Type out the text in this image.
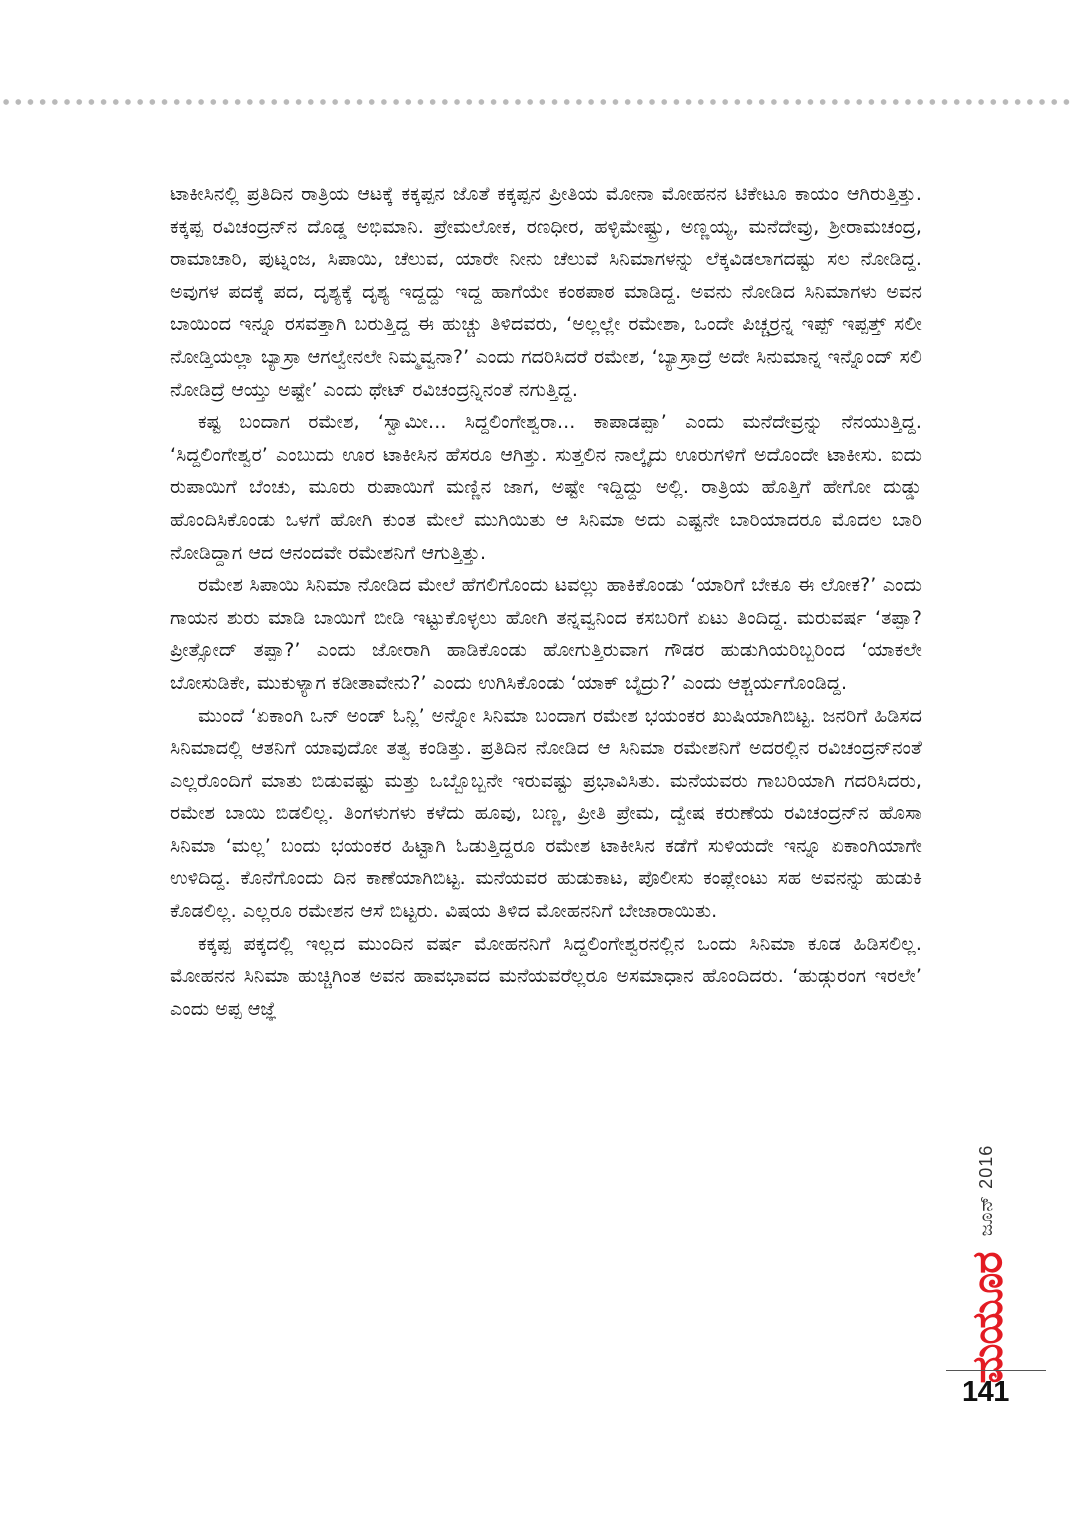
ಟಾಕೀಸಿನಲ್ಲಿ ಪ್ರತಿದಿನ ರಾತ್ರಿಯ ಆಟಕ್ಕೆ ಕಕ್ಕಪ್ಪನ ಜೊತೆ ಕಕ್ಕಪ್ಪನ ಪ್ರೀತಿಯ ಮೋನಾ ಮೋಹನನ ಟಿಕೇಟೂ ಕಾಯಂ ಆಗಿರುತ್ತಿತ್ತು. ಕಕ್ಕಪ್ಪ ರವಿಚಂದ್ರನ್‌ನ ದೊಡ್ಡ ಅಭಿಮಾನಿ. ಪ್ರೇಮಲೋಕ, ರಣಧೀರ, ಹಳ್ಳಿಮೇಷ್ಟ್ರು, ಅಣ್ಣಯ್ಯ, ಮನೆದೇವ್ರು, ಶ್ರೀರಾಮಚಂದ್ರ, ರಾಮಾಚಾರಿ, ಪುಟ್ನಂಜ, ಸಿಪಾಯಿ, ಚೆಲುವ, ಯಾರೇ ನೀನು ಚೆಲುವೆ ಸಿನಿಮಾಗಳನ್ನು ಲೆಕ್ಕವಿಡಲಾಗದಷ್ಟು ಸಲ ನೋಡಿದ್ದ. ಅವುಗಳ ಪದಕ್ಕೆ ಪದ, ದೃಶ್ಯಕ್ಕೆ ದೃಶ್ಯ ಇದ್ದದ್ದು ಇದ್ದ ಹಾಗೆಯೇ ಕಂಠಪಾಠ ಮಾಡಿದ್ದ. ಅವನು ನೋಡಿದ ಸಿನಿಮಾಗಳು ಅವನ ಬಾಯಿಂದ ಇನ್ನೂ ರಸವತ್ತಾಗಿ ಬರುತ್ತಿದ್ದ ಈ ಹುಚ್ಚು ತಿಳಿದವರು, ‘ಅಲ್ಲಲ್ಲೇ ರಮೇಶಾ, ಒಂದೇ ಪಿಚ್ಚರ್ರನ್ನ ಇಪ್ಪ್ ಇಪ್ಪತ್ತ್ ಸಲೀ ನೋಡ್ತಿಯಲ್ಲಾ ಬ್ಯಾಸ್ರಾ ಆಗಲ್ವೇನಲೇ ನಿಮ್ಮವ್ವನಾ?’ ಎಂದು ಗದರಿಸಿದರೆ ರಮೇಶ, ‘ಬ್ಯಾಸ್ರಾದ್ರೆ ಅದೇ ಸಿನುಮಾನ್ನ ಇನ್ನೊಂದ್ ಸಲಿ ನೋಡಿದ್ರೆ ಆಯ್ತು ಅಷ್ಟೇ’ ಎಂದು ಥೇಟ್ ರವಿಚಂದ್ರನ್ನಿನಂತೆ ನಗುತ್ತಿದ್ದ.

ಕಷ್ಟ ಬಂದಾಗ ರಮೇಶ, ‘ಸ್ವಾಮೀ... ಸಿದ್ದಲಿಂಗೇಶ್ವರಾ... ಕಾಪಾಡಪ್ಪಾ’ ಎಂದು ಮನೆದೇವ್ರನ್ನು ನೆನಯುತ್ತಿದ್ದ. ‘ಸಿದ್ದಲಿಂಗೇಶ್ವರ’ ಎಂಬುದು ಊರ ಟಾಕೀಸಿನ ಹೆಸರೂ ಆಗಿತ್ತು. ಸುತ್ತಲಿನ ನಾಲ್ಕೈದು ಊರುಗಳಿಗೆ ಅದೊಂದೇ ಟಾಕೀಸು. ಐದು ರುಪಾಯಿಗೆ ಬೆಂಚು, ಮೂರು ರುಪಾಯಿಗೆ ಮಣ್ಣಿನ ಜಾಗ, ಅಷ್ಟೇ ಇದ್ದಿದ್ದು ಅಲ್ಲಿ. ರಾತ್ರಿಯ ಹೊತ್ತಿಗೆ ಹೇಗೋ ದುಡ್ಡು ಹೊಂದಿಸಿಕೊಂಡು ಒಳಗೆ ಹೋಗಿ ಕುಂತ ಮೇಲೆ ಮುಗಿಯಿತು ಆ ಸಿನಿಮಾ ಅದು ಎಷ್ಟನೇ ಬಾರಿಯಾದರೂ ಮೊದಲ ಬಾರಿ ನೋಡಿದ್ದಾಗ ಆದ ಆನಂದವೇ ರಮೇಶನಿಗೆ ಆಗುತ್ತಿತ್ತು.

ರಮೇಶ ಸಿಪಾಯಿ ಸಿನಿಮಾ ನೋಡಿದ ಮೇಲೆ ಹೆಗಲಿಗೊಂದು ಟವಲ್ಲು ಹಾಕಿಕೊಂಡು ‘ಯಾರಿಗೆ ಬೇಕೂ ಈ ಲೋಕ?’ ಎಂದು ಗಾಯನ ಶುರು ಮಾಡಿ ಬಾಯಿಗೆ ಬೀಡಿ ಇಟ್ಟುಕೊಳ್ಳಲು ಹೋಗಿ ತನ್ನವ್ವನಿಂದ ಕಸಬರಿಗೆ ಏಟು ತಿಂದಿದ್ದ. ಮರುವರ್ಷ ‘ತಪ್ಪಾ? ಪ್ರೀತ್ಸೋದ್ ತಪ್ಪಾ?’ ಎಂದು ಜೋರಾಗಿ ಹಾಡಿಕೊಂಡು ಹೋಗುತ್ತಿರುವಾಗ ಗೌಡರ ಹುಡುಗಿಯರಿಬ್ಬರಿಂದ ‘ಯಾಕಲೇ ಬೋಸುಡಿಕೇ, ಮುಕುಳ್ಯಾಗ ಕಡೀತಾವೇನು?’ ಎಂದು ಉಗಿಸಿಕೊಂಡು ‘ಯಾಕ್ ಬೈದ್ರು?’ ಎಂದು ಆಶ್ಚರ್ಯಗೊಂಡಿದ್ದ.

ಮುಂದೆ ‘ಏಕಾಂಗಿ ಒನ್ ಅಂಡ್ ಓನ್ಲಿ’ ಅನ್ನೋ ಸಿನಿಮಾ ಬಂದಾಗ ರಮೇಶ ಭಯಂಕರ ಖುಷಿಯಾಗಿಬಿಟ್ಟ. ಜನರಿಗೆ ಹಿಡಿಸದ ಸಿನಿಮಾದಲ್ಲಿ ಆತನಿಗೆ ಯಾವುದೋ ತತ್ವ ಕಂಡಿತ್ತು. ಪ್ರತಿದಿನ ನೋಡಿದ ಆ ಸಿನಿಮಾ ರಮೇಶನಿಗೆ ಅದರಲ್ಲಿನ ರವಿಚಂದ್ರನ್‌ನಂತೆ ಎಲ್ಲರೊಂದಿಗೆ ಮಾತು ಬಿಡುವಷ್ಟು ಮತ್ತು ಒಬ್ಬೊಬ್ಬನೇ ಇರುವಷ್ಟು ಪ್ರಭಾವಿಸಿತು. ಮನೆಯವರು ಗಾಬರಿಯಾಗಿ ಗದರಿಸಿದರು, ರಮೇಶ ಬಾಯಿ ಬಿಡಲಿಲ್ಲ. ತಿಂಗಳುಗಳು ಕಳೆದು ಹೂವು, ಬಣ್ಣ, ಪ್ರೀತಿ ಪ್ರೇಮ, ದ್ವೇಷ ಕರುಣೆಯ ರವಿಚಂದ್ರನ್‌ನ ಹೊಸಾ ಸಿನಿಮಾ ‘ಮಲ್ಲ’ ಬಂದು ಭಯಂಕರ ಹಿಟ್ಟಾಗಿ ಓಡುತ್ತಿದ್ದರೂ ರಮೇಶ ಟಾಕೀಸಿನ ಕಡೆಗೆ ಸುಳಿಯದೇ ಇನ್ನೂ ಏಕಾಂಗಿಯಾಗೇ ಉಳಿದಿದ್ದ. ಕೊನೆಗೊಂದು ದಿನ ಕಾಣೆಯಾಗಿಬಿಟ್ಟ. ಮನೆಯವರ ಹುಡುಕಾಟ, ಪೊಲೀಸು ಕಂಪ್ಲೇಂಟು ಸಹ ಅವನನ್ನು ಹುಡುಕಿ ಕೊಡಲಿಲ್ಲ. ಎಲ್ಲರೂ ರಮೇಶನ ಆಸೆ ಬಿಟ್ಟರು. ವಿಷಯ ತಿಳಿದ ಮೋಹನನಿಗೆ ಬೇಜಾರಾಯಿತು.

ಕಕ್ಕಪ್ಪ ಪಕ್ಕದಲ್ಲಿ ಇಲ್ಲದ ಮುಂದಿನ ವರ್ಷ ಮೋಹನನಿಗೆ ಸಿದ್ದಲಿಂಗೇಶ್ವರನಲ್ಲಿನ ಒಂದು ಸಿನಿಮಾ ಕೂಡ ಹಿಡಿಸಲಿಲ್ಲ. ಮೋಹನನ ಸಿನಿಮಾ ಹುಚ್ಚಿಗಿಂತ ಅವನ ಹಾವಭಾವದ ಮನೆಯವರೆಲ್ಲರೂ ಅಸಮಾಧಾನ ಹೊಂದಿದರು. ‘ಹುಡ್ಗುರಂಗ ಇರಲೇ’ ಎಂದು ಅಪ್ಪ ಆಜ್ಞೆ

ಜೂನ್ 2016
ಮಯೂರ
141
